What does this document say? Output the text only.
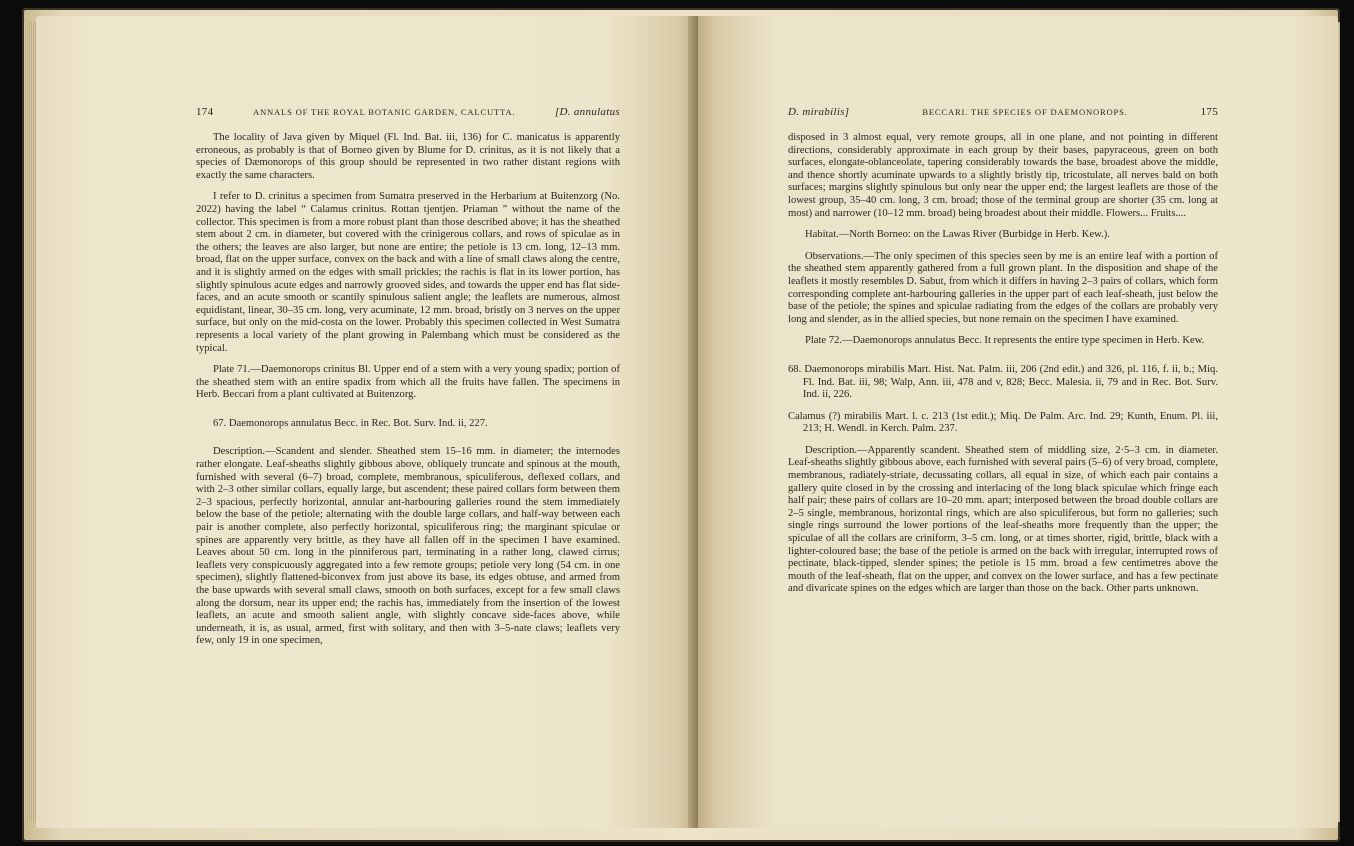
174	ANNALS OF THE ROYAL BOTANIC GARDEN, CALCUTTA.	[D. annulatus

The locality of Java given by Miquel (Fl. Ind. Bat. iii, 136) for C. manicatus is apparently erroneous, as probably is that of Borneo given by Blume for D. crinitus, as it is not likely that a species of Dæmonorops of this group should be represented in two rather distant regions with exactly the same characters.

I refer to D. crinitus a specimen from Sumatra preserved in the Herbarium at Buitenzorg (No. 2022) having the label “ Calamus crinitus. Rottan tjentjen. Priaman ” without the name of the collector. This specimen is from a more robust plant than those described above; it has the sheathed stem about 2 cm. in diameter, but covered with the crinigerous collars, and rows of spiculae as in the others; the leaves are also larger, but none are entire; the petiole is 13 cm. long, 12–13 mm. broad, flat on the upper surface, convex on the back and with a line of small claws along the centre, and it is slightly armed on the edges with small prickles; the rachis is flat in its lower portion, has slightly spinulous acute edges and narrowly grooved sides, and towards the upper end has flat side-faces, and an acute smooth or scantily spinulous salient angle; the leaflets are numerous, almost equidistant, linear, 30–35 cm. long, very acuminate, 12 mm. broad, bristly on 3 nerves on the upper surface, but only on the mid-costa on the lower. Probably this specimen collected in West Sumatra represents a local variety of the plant growing in Palembang which must be considered as the typical.

Plate 71.—Daemonorops crinitus Bl. Upper end of a stem with a very young spadix; portion of the sheathed stem with an entire spadix from which all the fruits have fallen. The specimens in Herb. Beccari from a plant cultivated at Buitenzorg.

67. Daemonorops annulatus Becc. in Rec. Bot. Surv. Ind. ii, 227.

Description.—Scandent and slender. Sheathed stem 15–16 mm. in diameter; the internodes rather elongate. Leaf-sheaths slightly gibbous above, obliquely truncate and spinous at the mouth, furnished with several (6–7) broad, complete, membranous, spiculiferous, deflexed collars, and with 2–3 other similar collars, equally large, but ascendent; these paired collars form between them 2–3 spacious, perfectly horizontal, annular ant-harbouring galleries round the stem immediately below the base of the petiole; alternating with the double large collars, and half-way between each pair is another complete, also perfectly horizontal, spiculiferous ring; the marginant spiculae or spines are apparently very brittle, as they have all fallen off in the specimen I have examined. Leaves about 50 cm. long in the pinniferous part, terminating in a rather long, clawed cirrus; leaflets very conspicuously aggregated into a few remote groups; petiole very long (54 cm. in one specimen), slightly flattened-biconvex from just above its base, its edges obtuse, and armed from the base upwards with several small claws, smooth on both surfaces, except for a few small claws along the dorsum, near its upper end; the rachis has, immediately from the insertion of the lowest leaflets, an acute and smooth salient angle, with slightly concave side-faces above, while underneath, it is, as usual, armed, first with solitary, and then with 3–5-nate claws; leaflets very few, only 19 in one specimen,

D. mirabilis]	BECCARI. THE SPECIES OF DAEMONOROPS.	175

disposed in 3 almost equal, very remote groups, all in one plane, and not pointing in different directions, considerably approximate in each group by their bases, papyraceous, green on both surfaces, elongate-oblanceolate, tapering considerably towards the base, broadest above the middle, and thence shortly acuminate upwards to a slightly bristly tip, tricostulate, all nerves bald on both surfaces; margins slightly spinulous but only near the upper end; the largest leaflets are those of the lowest group, 35–40 cm. long, 3 cm. broad; those of the terminal group are shorter (35 cm. long at most) and narrower (10–12 mm. broad) being broadest about their middle. Flowers... Fruits....

Habitat.—North Borneo: on the Lawas River (Burbidge in Herb. Kew.).

Observations.—The only specimen of this species seen by me is an entire leaf with a portion of the sheathed stem apparently gathered from a full grown plant. In the disposition and shape of the leaflets it mostly resembles D. Sabut, from which it differs in having 2–3 pairs of collars, which form corresponding complete ant-harbouring galleries in the upper part of each leaf-sheath, just below the base of the petiole; the spines and spiculae radiating from the edges of the collars are probably very long and slender, as in the allied species, but none remain on the specimen I have examined.

Plate 72.—Daemonorops annulatus Becc. It represents the entire type specimen in Herb. Kew.

68. Daemonorops mirabilis Mart. Hist. Nat. Palm. iii, 206 (2nd edit.) and 326, pl. 116, f. ii, b.; Miq. Fl. Ind. Bat. iii, 98; Walp, Ann. iii, 478 and v, 828; Becc. Malesia. ii, 79 and in Rec. Bot. Surv. Ind. ii, 226.

Calamus (?) mirabilis Mart. l. c. 213 (1st edit.); Miq. De Palm. Arc. Ind. 29; Kunth, Enum. Pl. iii, 213; H. Wendl. in Kerch. Palm. 237.

Description.—Apparently scandent. Sheathed stem of middling size, 2·5–3 cm. in diameter. Leaf-sheaths slightly gibbous above, each furnished with several pairs (5–6) of very broad, complete, membranous, radiately-striate, decussating collars, all equal in size, of which each pair contains a gallery quite closed in by the crossing and interlacing of the long black spiculae which fringe each half pair; these pairs of collars are 10–20 mm. apart; interposed between the broad double collars are 2–5 single, membranous, horizontal rings, which are also spiculiferous, but form no galleries; such single rings surround the lower portions of the leaf-sheaths more frequently than the upper; the spiculae of all the collars are criniform, 3–5 cm. long, or at times shorter, rigid, brittle, black with a lighter-coloured base; the base of the petiole is armed on the back with irregular, interrupted rows of pectinate, black-tipped, slender spines; the petiole is 15 mm. broad a few centimetres above the mouth of the leaf-sheath, flat on the upper, and convex on the lower surface, and has a few pectinate and divaricate spines on the edges which are larger than those on the back. Other parts unknown.
